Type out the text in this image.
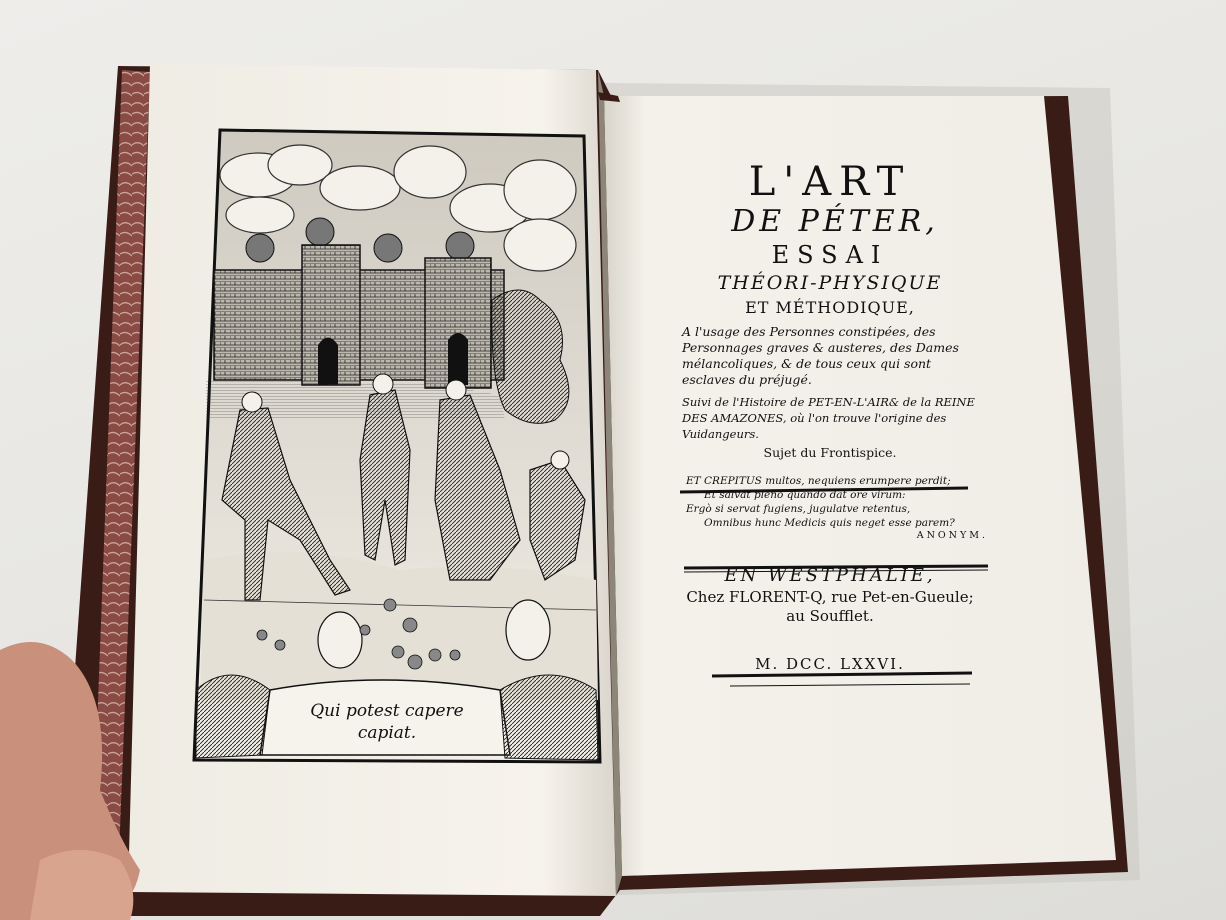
Qui potest capere
capiat.

L'ART

DE PÉTER,

ESSAI

THÉORI-PHYSIQUE

ET MÉTHODIQUE,

A l'usage des Personnes constipées, des Personnages graves & austeres, des Dames mélancoliques, & de tous ceux qui sont esclaves du préjugé.

Suivi de l'Histoire de PET-EN-L'AIR& de la REINE DES AMAZONES, où l'on trouve l'origine des Vuidangeurs.

Sujet du Frontispice.

ET CREPITUS multos, nequiens erumpere perdit;
Et salvat pleno quando dat ore virum:
Ergò si servat fugiens, jugulatve retentus,
Omnibus hunc Medicis quis neget esse parem?

ANONYM.

EN WESTPHALIE,

Chez FLORENT-Q, rue Pet-en-Gueule;

au Soufflet.

M. DCC. LXXVI.
